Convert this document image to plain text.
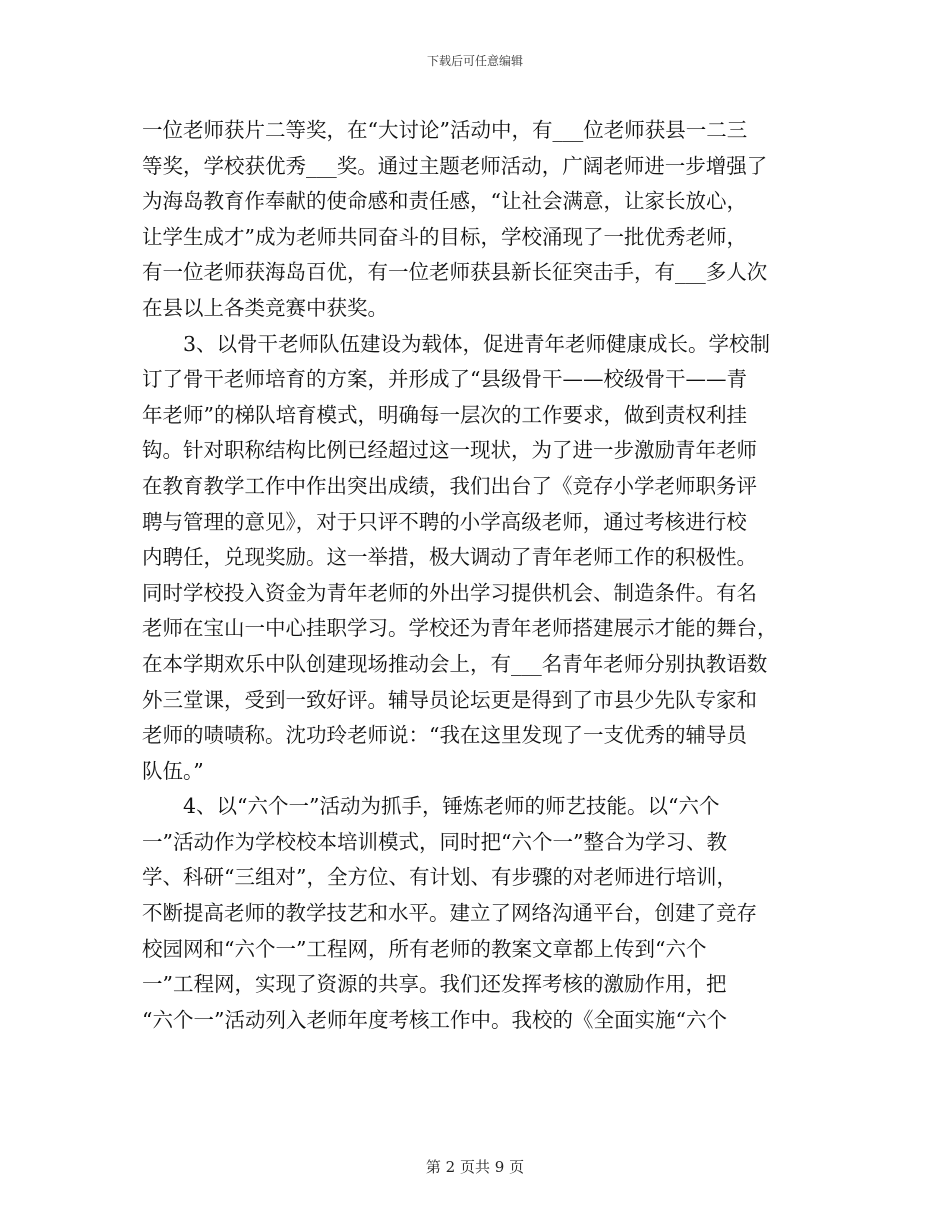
下载后可任意编辑
一位老师获片二等奖，在“大讨论”活动中，有___位老师获县一二三
等奖，学校获优秀___奖。通过主题老师活动，广阔老师进一步增强了
为海岛教育作奉献的使命感和责任感，“让社会满意，让家长放心，
让学生成才”成为老师共同奋斗的目标，学校涌现了一批优秀老师，
有一位老师获海岛百优，有一位老师获县新长征突击手，有___多人次
在县以上各类竞赛中获奖。
　　3、以骨干老师队伍建设为载体，促进青年老师健康成长。学校制
订了骨干老师培育的方案，并形成了“县级骨干——校级骨干——青
年老师”的梯队培育模式，明确每一层次的工作要求，做到责权利挂
钩。针对职称结构比例已经超过这一现状，为了进一步激励青年老师
在教育教学工作中作出突出成绩，我们出台了《竞存小学老师职务评
聘与管理的意见》，对于只评不聘的小学高级老师，通过考核进行校
内聘任，兑现奖励。这一举措，极大调动了青年老师工作的积极性。
同时学校投入资金为青年老师的外出学习提供机会、制造条件。有名
老师在宝山一中心挂职学习。学校还为青年老师搭建展示才能的舞台，
在本学期欢乐中队创建现场推动会上，有___名青年老师分别执教语数
外三堂课，受到一致好评。辅导员论坛更是得到了市县少先队专家和
老师的啧啧称。沈功玲老师说：“我在这里发现了一支优秀的辅导员
队伍。”
　　4、以“六个一”活动为抓手，锤炼老师的师艺技能。以“六个
一”活动作为学校校本培训模式，同时把“六个一”整合为学习、教
学、科研“三组对”，全方位、有计划、有步骤的对老师进行培训，
不断提高老师的教学技艺和水平。建立了网络沟通平台，创建了竞存
校园网和“六个一”工程网，所有老师的教案文章都上传到“六个
一”工程网，实现了资源的共享。我们还发挥考核的激励作用，把
“六个一”活动列入老师年度考核工作中。我校的《全面实施“六个
第 2 页共 9 页
